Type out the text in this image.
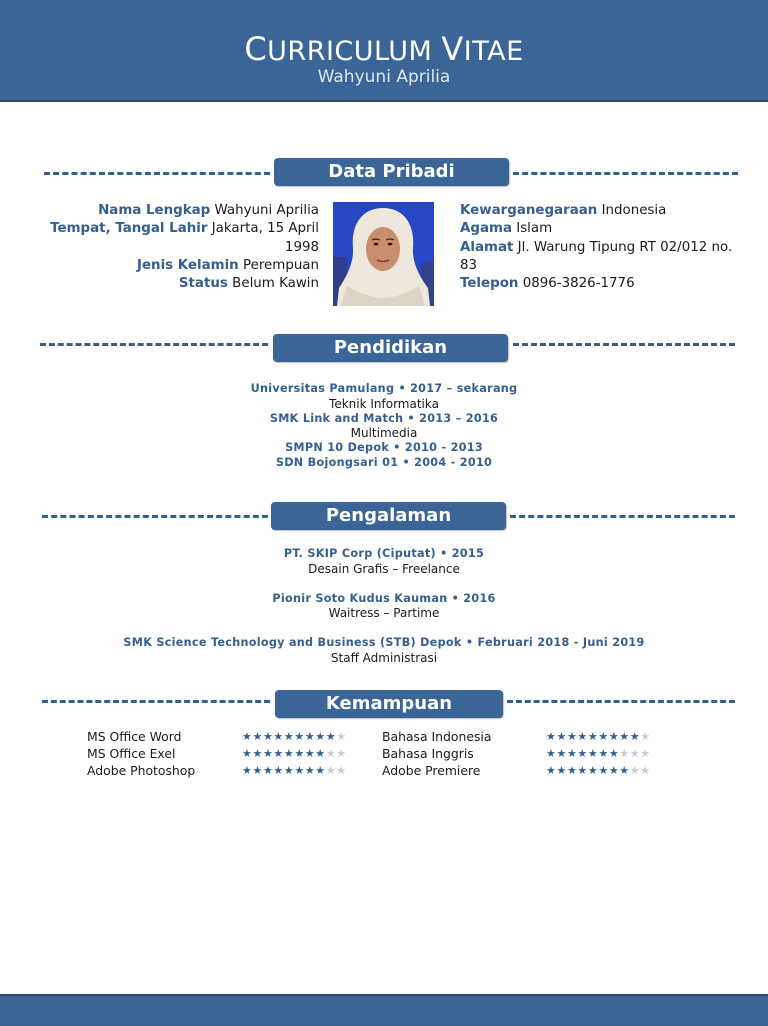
CURRICULUM VITAE
Wahyuni Aprilia
Data Pribadi
Nama Lengkap Wahyuni Aprilia
Tempat, Tangal Lahir Jakarta, 15 April 1998
Jenis Kelamin Perempuan
Status Belum Kawin
Kewarganegaraan Indonesia
Agama Islam
Alamat Jl. Warung Tipung RT 02/012 no. 83
Telepon 0896-3826-1776
Pendidikan
Universitas Pamulang • 2017 – sekarang
Teknik Informatika
SMK Link and Match • 2013 – 2016
Multimedia
SMPN 10 Depok • 2010 - 2013
SDN Bojongsari 01 • 2004 - 2010
Pengalaman
PT. SKIP Corp (Ciputat) • 2015
Desain Grafis – Freelance
Pionir Soto Kudus Kauman • 2016
Waitress – Partime
SMK Science Technology and Business (STB) Depok • Februari 2018 - Juni 2019
Staff Administrasi
Kemampuan
MS Office Word	★★★★★★★★★★	Bahasa Indonesia	★★★★★★★★★★
MS Office Exel	★★★★★★★★★★	Bahasa Inggris	★★★★★★★★★★
Adobe Photoshop	★★★★★★★★★★	Adobe Premiere	★★★★★★★★★★
